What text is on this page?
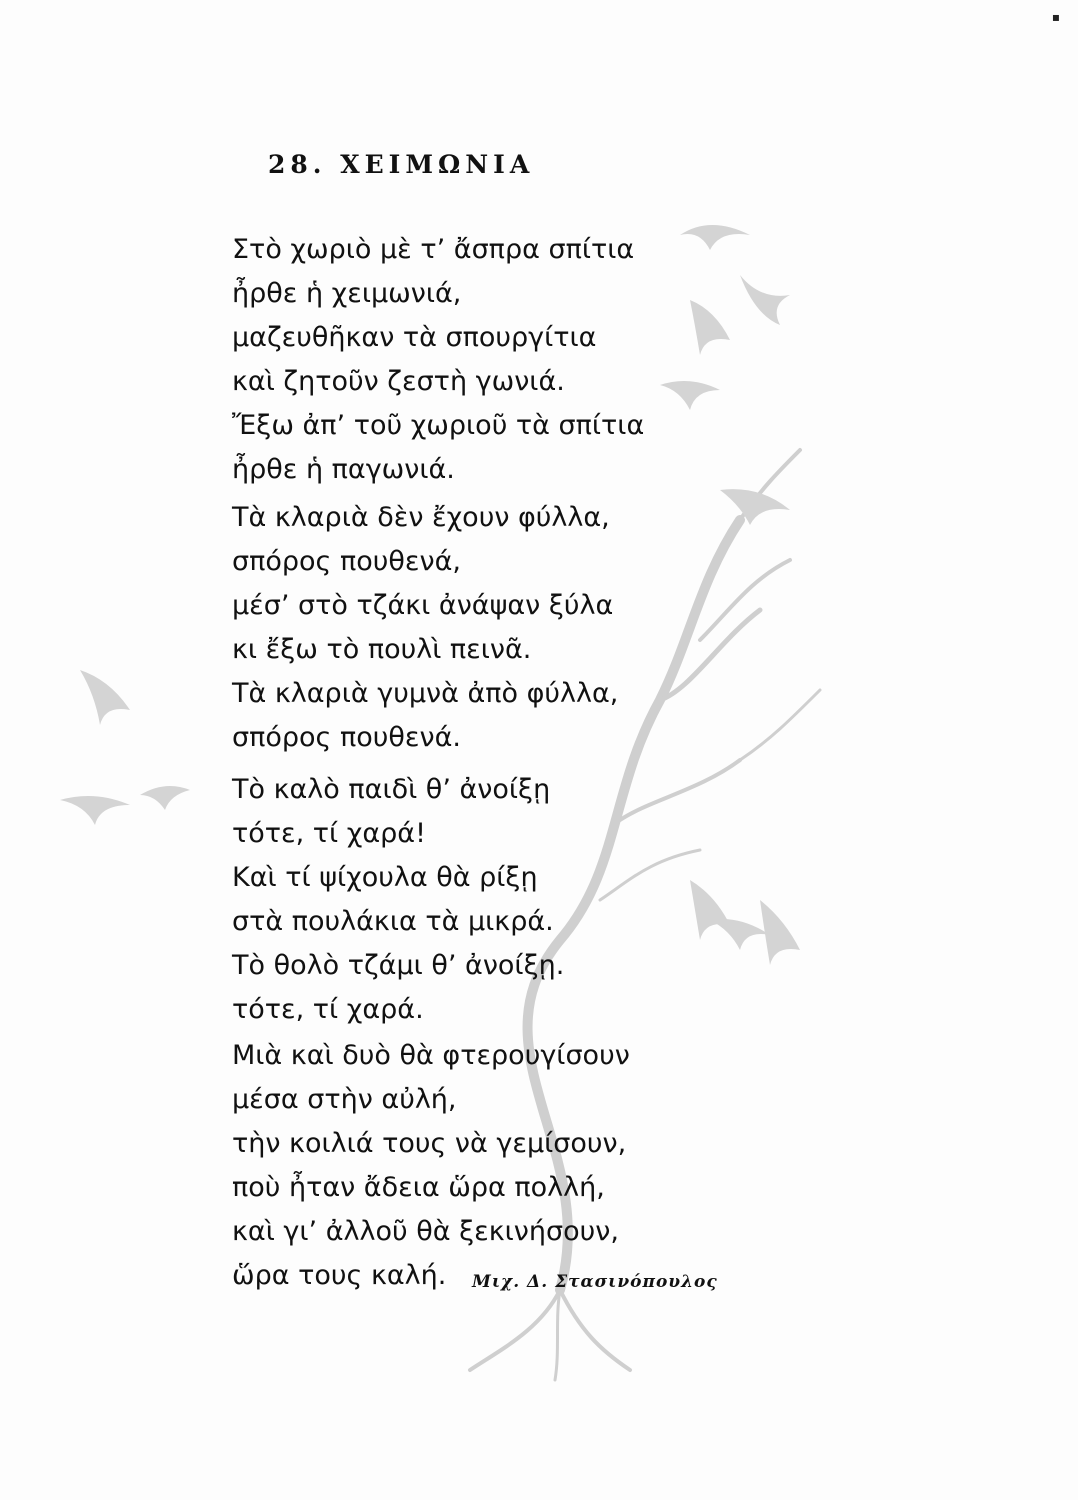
▪
28. ΧΕΙΜΩΝΙΑ
Στὸ χωριὸ μὲ τ’ ἄσπρα σπίτια
ἦρθε ἡ χειμωνιά,
μαζευθῆκαν τὰ σπουργίτια
καὶ ζητοῦν ζεστὴ γωνιά.
Ἔξω ἀπ’ τοῦ χωριοῦ τὰ σπίτια
ἦρθε ἡ παγωνιά.
Τὰ κλαριὰ δὲν ἔχουν φύλλα,
σπόρος πουθενά,
μέσ’ στὸ τζάκι ἀνάψαν ξύλα
κι ἔξω τὸ πουλὶ πεινᾶ.
Τὰ κλαριὰ γυμνὰ ἀπὸ φύλλα,
σπόρος πουθενά.
Τὸ καλὸ παιδὶ θ’ ἀνοίξῃ
τότε, τί χαρά!
Καὶ τί ψίχουλα θὰ ρίξῃ
στὰ πουλάκια τὰ μικρά.
Τὸ θολὸ τζάμι θ’ ἀνοίξῃ.
τότε, τί χαρά.
Μιὰ καὶ δυὸ θὰ φτερουγίσουν
μέσα στὴν αὐλή,
τὴν κοιλιά τους νὰ γεμίσουν,
ποὺ ἦταν ἄδεια ὥρα πολλή,
καὶ γι’ ἀλλοῦ θὰ ξεκινήσουν,
ὥρα τους καλή.	Μιχ. Δ. Στασινόπουλος
